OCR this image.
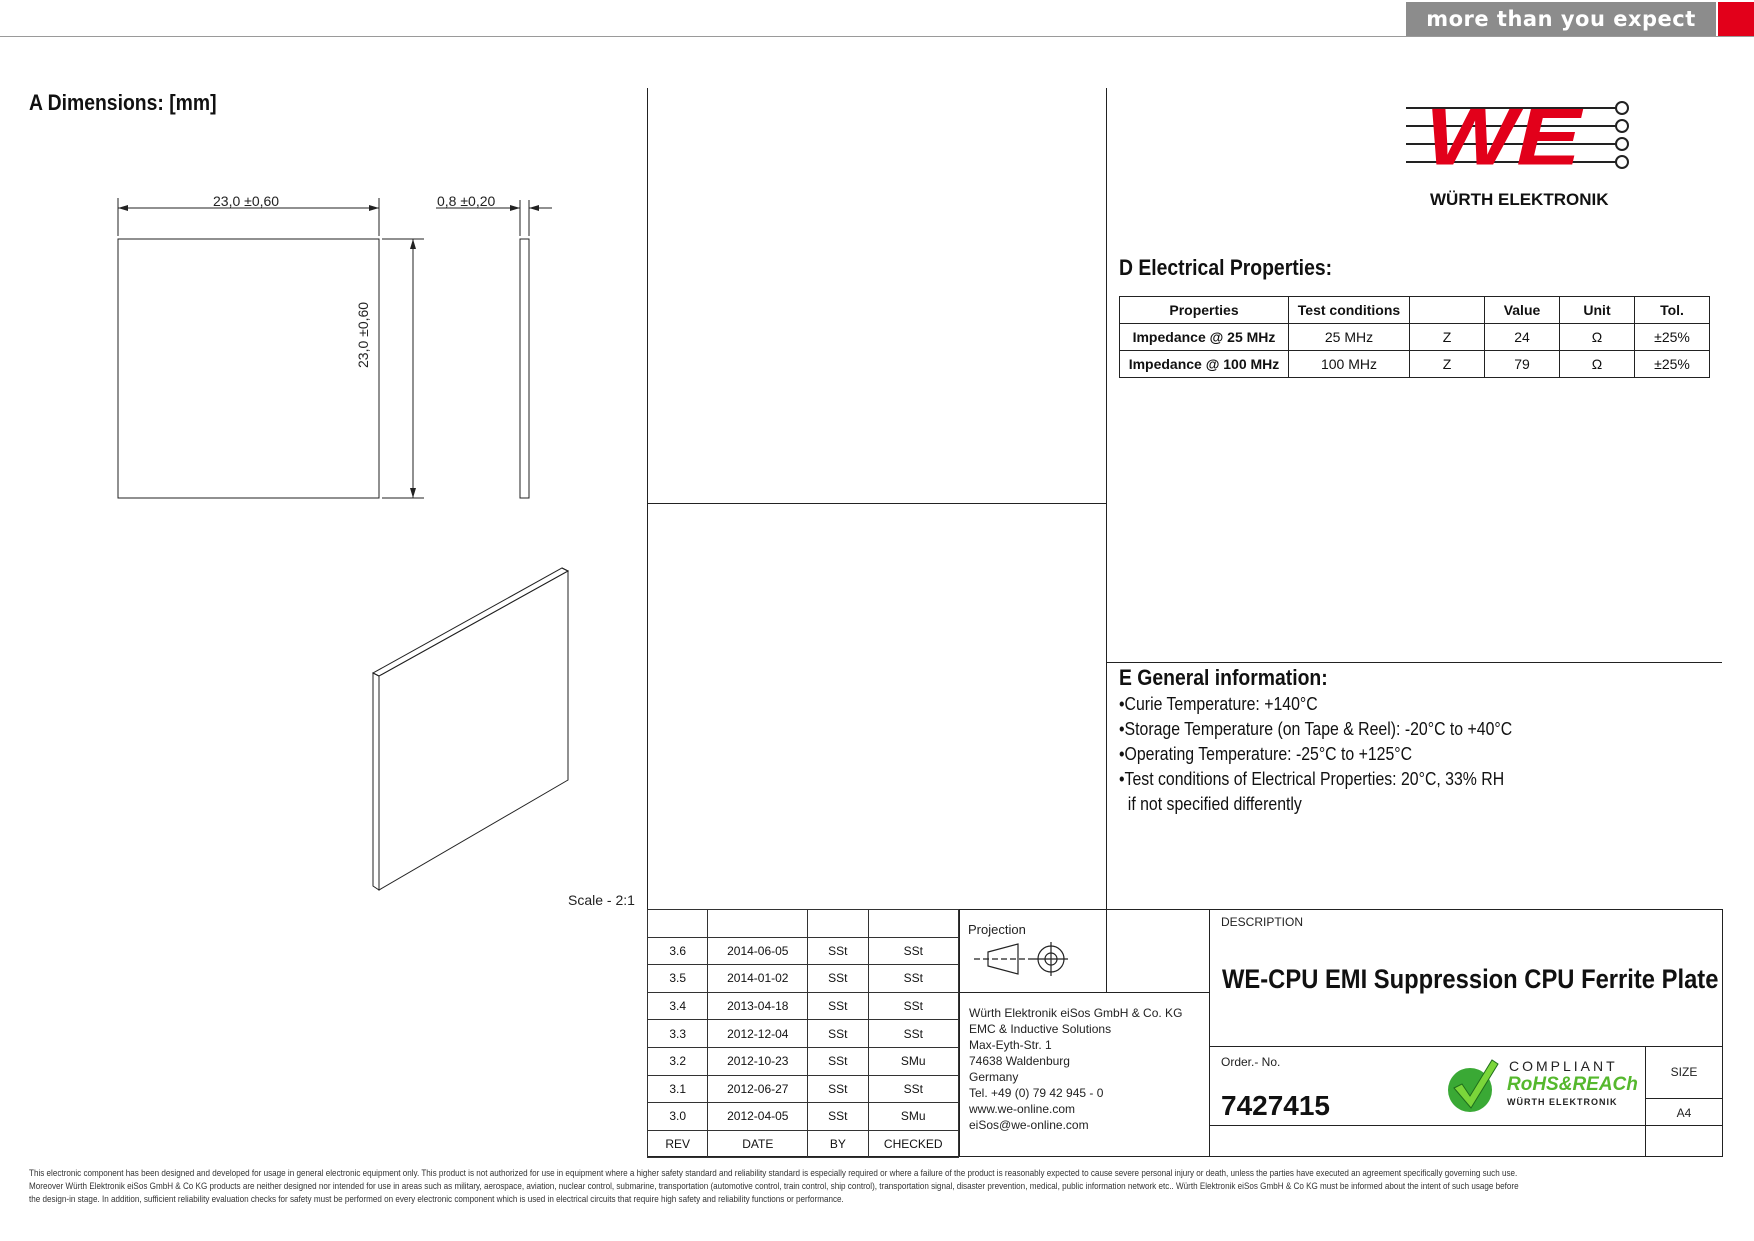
more than you expect
A Dimensions: [mm]
23,0 ±0,60	0,8 ±0,20
23,0 ±0,60
Scale - 2:1
WE
WÜRTH ELEKTRONIK
D Electrical Properties:
Properties	Test conditions		Value	Unit	Tol.
Impedance @ 25 MHz	25 MHz	Z	24	Ω	±25%
Impedance @ 100 MHz	100 MHz	Z	79	Ω	±25%
E General information:
•Curie Temperature: +140°C
•Storage Temperature (on Tape & Reel): -20°C to +40°C
•Operating Temperature: -25°C to +125°C
•Test conditions of Electrical Properties: 20°C, 33% RH
if not specified differently

3.6	2014-06-05	SSt	SSt
3.5	2014-01-02	SSt	SSt
3.4	2013-04-18	SSt	SSt
3.3	2012-12-04	SSt	SSt
3.2	2012-10-23	SSt	SMu
3.1	2012-06-27	SSt	SSt
3.0	2012-04-05	SSt	SMu
REV	DATE	BY	CHECKED
Projection
Würth Elektronik eiSos GmbH & Co. KG
EMC & Inductive Solutions
Max-Eyth-Str. 1
74638 Waldenburg
Germany
Tel. +49 (0) 79 42 945 - 0
www.we-online.com
eiSos@we-online.com
DESCRIPTION
WE-CPU EMI Suppression CPU Ferrite Plate
Order.- No.
7427415
COMPLIANT
RoHS&REACh
WÜRTH ELEKTRONIK
SIZE
A4
This electronic component has been designed and developed for usage in general electronic equipment only. This product is not authorized for use in equipment where a higher safety standard and reliability standard is especially required or where a failure of the product is reasonably expected to cause severe personal injury or death, unless the parties have executed an agreement specifically governing such use.
Moreover Würth Elektronik eiSos GmbH & Co KG products are neither designed nor intended for use in areas such as military, aerospace, aviation, nuclear control, submarine, transportation (automotive control, train control, ship control), transportation signal, disaster prevention, medical, public information network etc.. Würth Elektronik eiSos GmbH & Co KG must be informed about the intent of such usage before
the design-in stage. In addition, sufficient reliability evaluation checks for safety must be performed on every electronic component which is used in electrical circuits that require high safety and reliability functions or performance.
